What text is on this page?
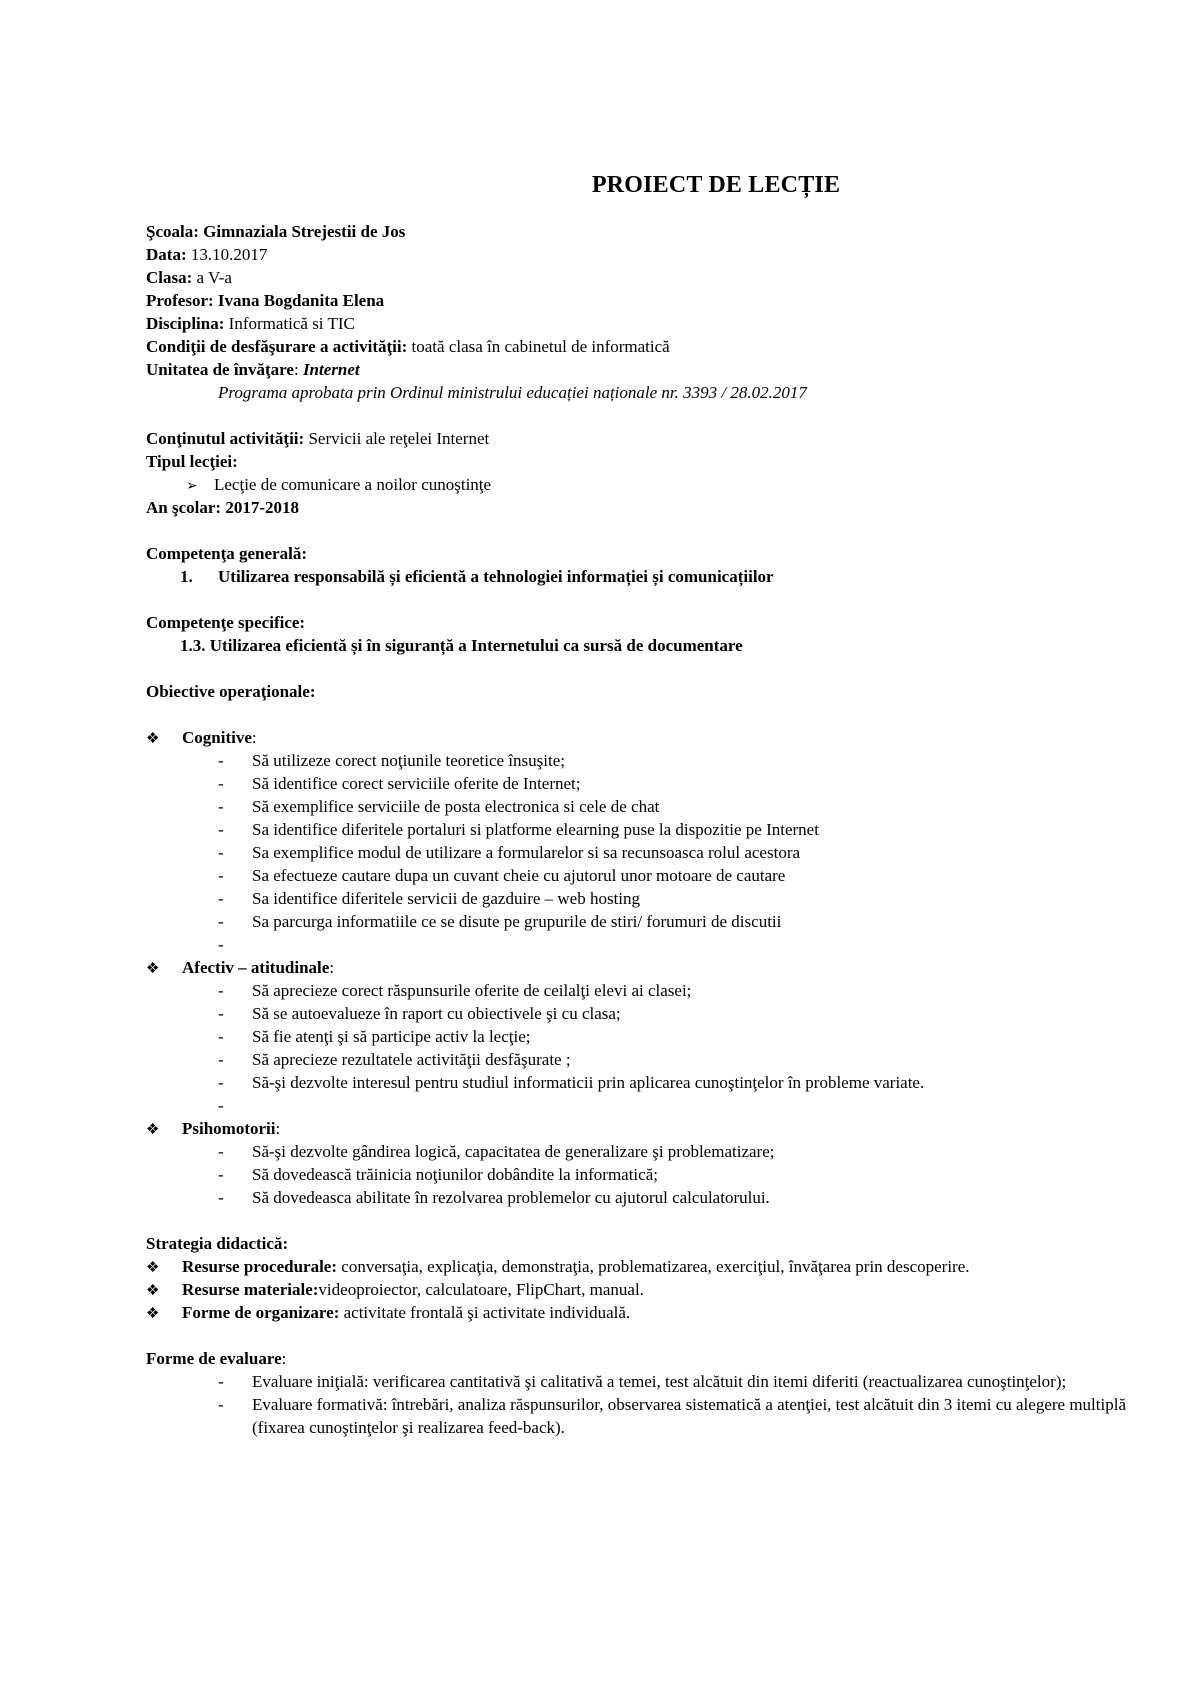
PROIECT DE LECȚIE
Şcoala: Gimnaziala Strejestii de Jos
Data: 13.10.2017
Clasa: a V-a
Profesor: Ivana Bogdanita Elena
Disciplina: Informatică si TIC
Condiţii de desfăşurare a activităţii: toată clasa în cabinetul de informatică
Unitatea de învăţare: Internet
Programa aprobata prin Ordinul ministrului educației naționale nr. 3393 / 28.02.2017
Conţinutul activităţii: Servicii ale reţelei Internet
Tipul lecţiei:
➢ Lecţie de comunicare a noilor cunoştinţe
An şcolar: 2017-2018
Competenţa generală:
1. Utilizarea responsabilă și eficientă a tehnologiei informației și comunicațiilor
Competenţe specifice:
1.3. Utilizarea eficientă și în siguranță a Internetului ca sursă de documentare
Obiective operaţionale:
❖ Cognitive:
-	Să utilizeze corect noţiunile teoretice însuşite;
-	Să identifice corect serviciile oferite de Internet;
-	Să exemplifice serviciile de posta electronica si cele de chat
-	Sa identifice diferitele portaluri si platforme elearning puse la dispozitie pe Internet
-	Sa exemplifice modul de utilizare a formularelor si sa recunsoasca rolul acestora
-	Sa efectueze cautare dupa un cuvant cheie cu ajutorul unor motoare de cautare
-	Sa identifice diferitele servicii de gazduire – web hosting
-	Sa parcurga informatiile ce se disute pe grupurile de stiri/ forumuri de discutii
-
❖ Afectiv – atitudinale:
-	Să aprecieze corect răspunsurile oferite de ceilalţi elevi ai clasei;
-	Să se autoevalueze în raport cu obiectivele şi cu clasa;
-	Să fie atenţi şi să participe activ la lecţie;
-	Să aprecieze rezultatele activităţii desfăşurate ;
-	Să-şi dezvolte interesul pentru studiul informaticii prin aplicarea cunoştinţelor în probleme variate.
-
❖ Psihomotorii:
-	Să-şi dezvolte gândirea logică, capacitatea de generalizare şi problematizare;
-	Să dovedească trăinicia noţiunilor dobândite la informatică;
-	Să dovedeasca abilitate în rezolvarea problemelor cu ajutorul calculatorului.
Strategia didactică:
❖ Resurse procedurale: conversaţia, explicaţia, demonstraţia, problematizarea, exerciţiul, învăţarea prin descoperire.
❖ Resurse materiale:videoproiector, calculatoare, FlipChart, manual.
❖ Forme de organizare: activitate frontală şi activitate individuală.
Forme de evaluare:
-	Evaluare iniţială: verificarea cantitativă şi calitativă a temei, test alcătuit din itemi diferiti (reactualizarea cunoştinţelor);
-	Evaluare formativă: întrebări, analiza răspunsurilor, observarea sistematică a atenţiei, test alcătuit din 3 itemi cu alegere multiplă (fixarea cunoştinţelor şi realizarea feed-back).
